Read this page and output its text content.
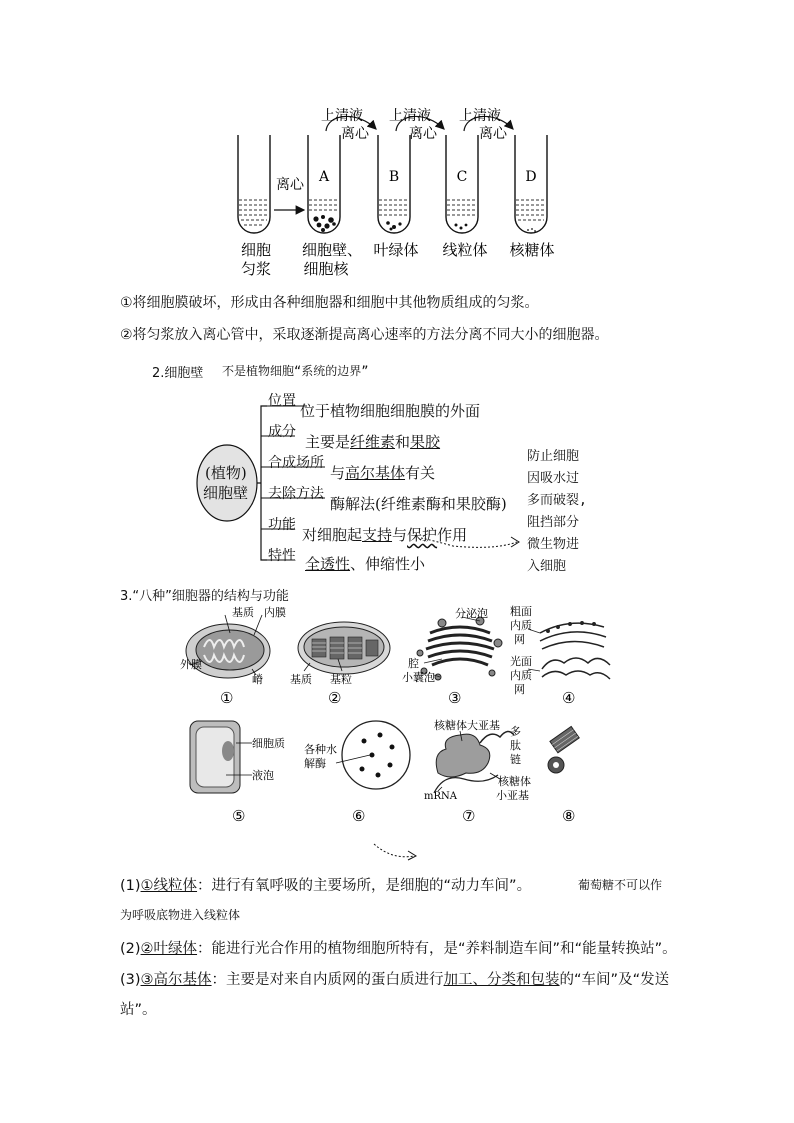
上清液
离心
上清液
离心
上清液
离心
离心 A	B	C	D
细胞
匀浆
细胞壁、
细胞核
叶绿体 线粒体 核糖体
①将细胞膜破坏，形成由各种细胞器和细胞中其他物质组成的匀浆。
②将匀浆放入离心管中，采取逐渐提高离心速率的方法分离不同大小的细胞器。
2.细胞壁 不是植物细胞“系统的边界”
(植物)
细胞壁
位置
位于植物细胞细胞膜的外面
成分
主要是纤维素和果胶
合成场所
与高尔基体有关
去除方法
酶解法(纤维素酶和果胶酶)
功能
对细胞起支持与保护作用
特性 全透性、伸缩性小
防止细胞
因吸水过
多而破裂,
阻挡部分
微生物进
入细胞
3.“八种”细胞器的结构与功能
基质 内膜
外膜
嵴 基质 基粒
分泌泡
腔
小囊泡
粗面
内质
网
光面
内质
网
①	②	③	④
细胞质
液泡
各种水
解酶
核糖体大亚基 多
肽
链
mRNA
核糖体
小亚基
⑤	⑥	⑦	⑧
(1)①线粒体：进行有氧呼吸的主要场所，是细胞的“动力车间”。	葡萄糖不可以作
为呼吸底物进入线粒体
(2)②叶绿体：能进行光合作用的植物细胞所特有，是“养料制造车间”和“能量转换站”。
(3)③高尔基体：主要是对来自内质网的蛋白质进行加工、分类和包装的“车间”及“发送
站”。
